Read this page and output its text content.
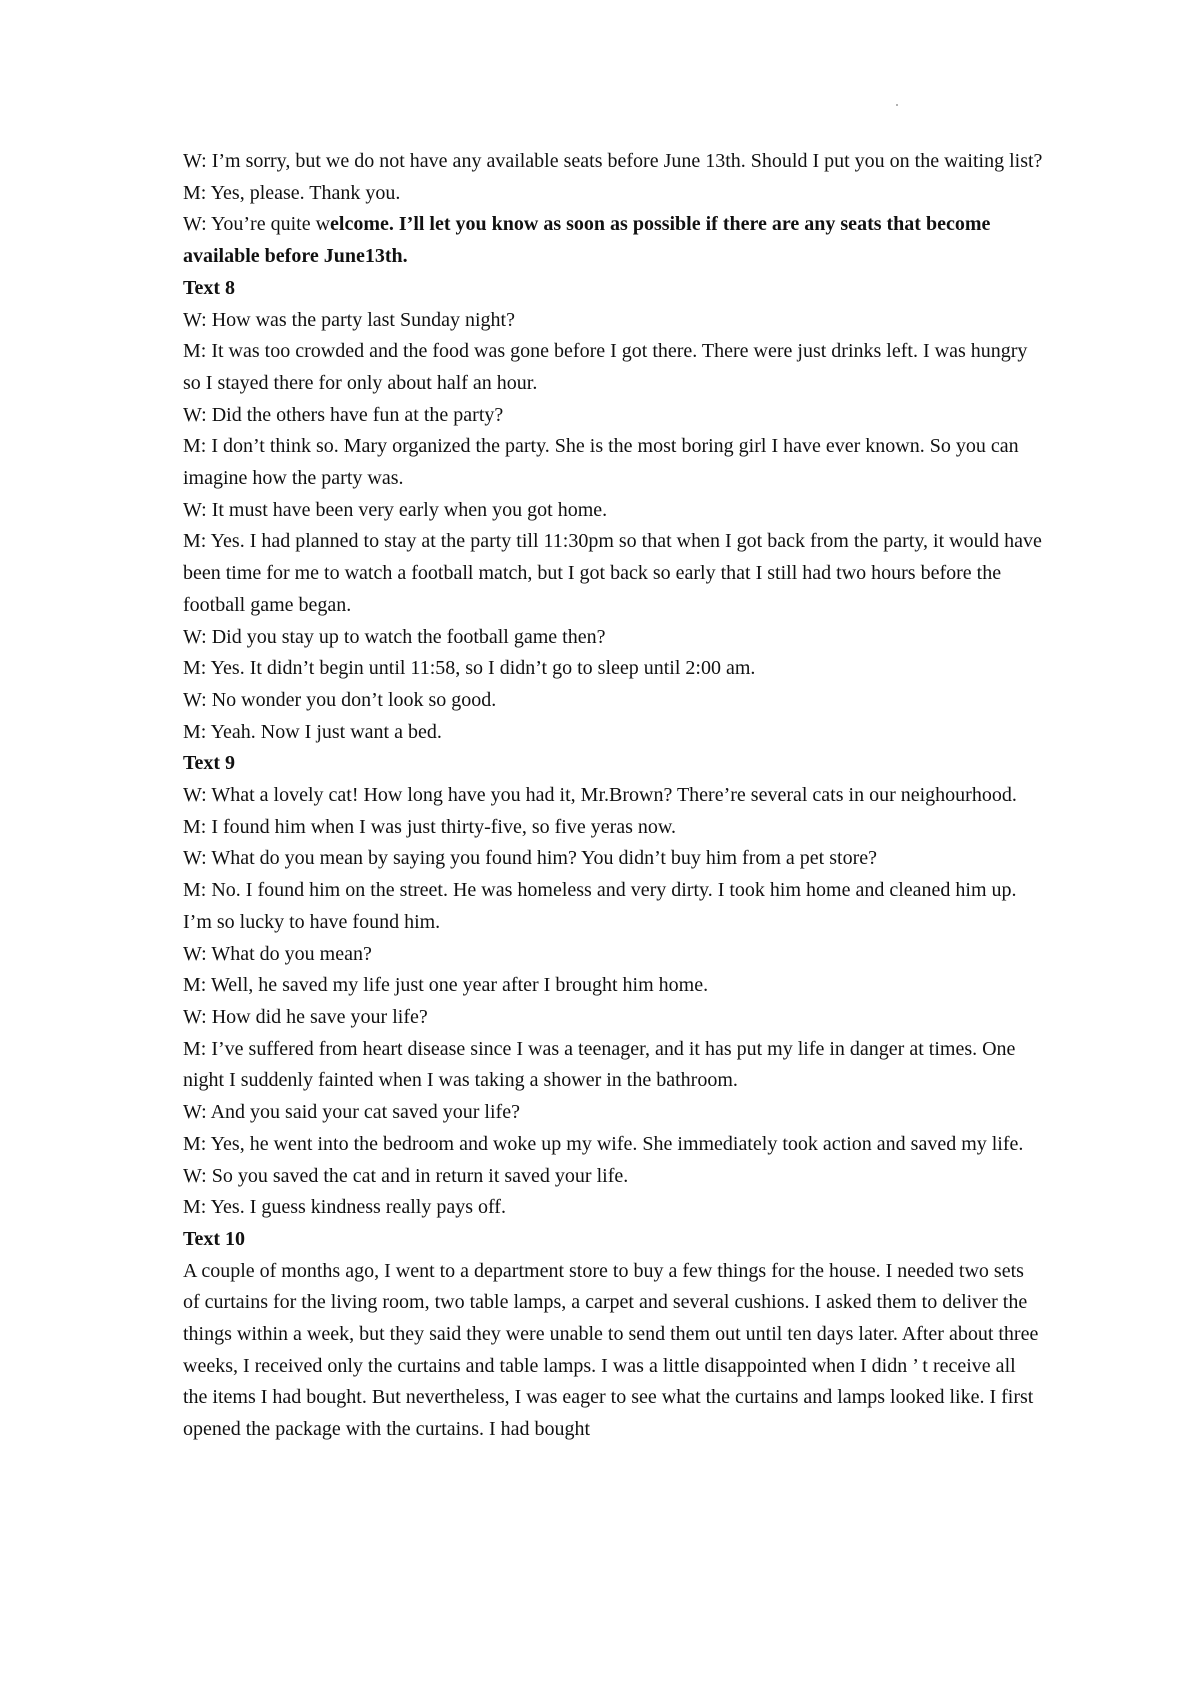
W: I’m sorry, but we do not have any available seats before June 13th. Should I put you on the waiting list?

M: Yes, please. Thank you.

W: You’re quite welcome. I’ll let you know as soon as possible if there are any seats that become available before June13th.

Text 8

W: How was the party last Sunday night?

M: It was too crowded and the food was gone before I got there. There were just drinks left. I was hungry so I stayed there for only about half an hour.

W: Did the others have fun at the party?

M: I don’t think so. Mary organized the party. She is the most boring girl I have ever known. So you can imagine how the party was.

W: It must have been very early when you got home.

M: Yes. I had planned to stay at the party till 11:30pm so that when I got back from the party, it would have been time for me to watch a football match, but I got back so early that I still had two hours before the football game began.

W: Did you stay up to watch the football game then?

M: Yes. It didn’t begin until 11:58, so I didn’t go to sleep until 2:00 am.

W: No wonder you don’t look so good.

M: Yeah. Now I just want a bed.

Text 9

W: What a lovely cat! How long have you had it, Mr.Brown? There’re several cats in our neighourhood.

M: I found him when I was just thirty-five, so five yeras now.

W: What do you mean by saying you found him? You didn’t buy him from a pet store?

M: No. I found him on the street. He was homeless and very dirty. I took him home and cleaned him up. I’m so lucky to have found him.

W: What do you mean?

M: Well, he saved my life just one year after I brought him home.

W: How did he save your life?

M: I’ve suffered from heart disease since I was a teenager, and it has put my life in danger at times. One night I suddenly fainted when I was taking a shower in the bathroom.

W: And you said your cat saved your life?

M: Yes, he went into the bedroom and woke up my wife. She immediately took action and saved my life.

W: So you saved the cat and in return it saved your life.

M: Yes. I guess kindness really pays off.

Text 10

A couple of months ago, I went to a department store to buy a few things for the house. I needed two sets of curtains for the living room, two table lamps, a carpet and several cushions. I asked them to deliver the things within a week, but they said they were unable to send them out until ten days later. After about three weeks, I received only the curtains and table lamps. I was a little disappointed when I didn ’ t receive all the items I had bought. But nevertheless, I was eager to see what the curtains and lamps looked like. I first opened the package with the curtains. I had bought
